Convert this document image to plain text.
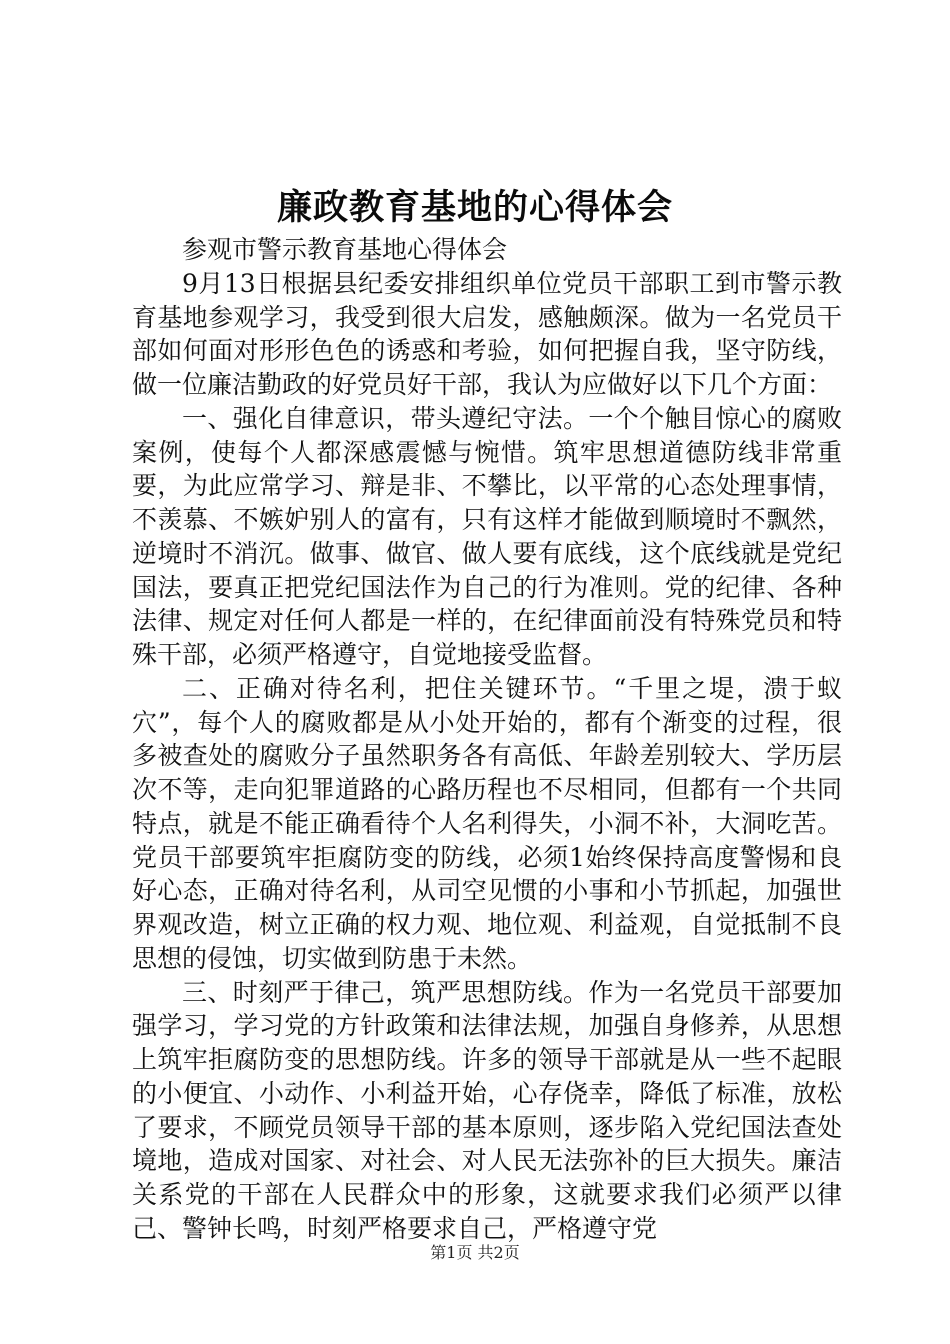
廉政教育基地的心得体会

参观市警示教育基地心得体会

9月13日根据县纪委安排组织单位党员干部职工到市警示教育基地参观学习，我受到很大启发，感触颇深。做为一名党员干部如何面对形形色色的诱惑和考验，如何把握自我，坚守防线，做一位廉洁勤政的好党员好干部，我认为应做好以下几个方面：

一、强化自律意识，带头遵纪守法。一个个触目惊心的腐败案例，使每个人都深感震憾与惋惜。筑牢思想道德防线非常重要，为此应常学习、辩是非、不攀比，以平常的心态处理事情，不羡慕、不嫉妒别人的富有，只有这样才能做到顺境时不飘然，逆境时不消沉。做事、做官、做人要有底线，这个底线就是党纪国法，要真正把党纪国法作为自己的行为准则。党的纪律、各种法律、规定对任何人都是一样的，在纪律面前没有特殊党员和特殊干部，必须严格遵守，自觉地接受监督。

二、正确对待名利，把住关键环节。“千里之堤，溃于蚁穴”，每个人的腐败都是从小处开始的，都有个渐变的过程，很多被查处的腐败分子虽然职务各有高低、年龄差别较大、学历层次不等，走向犯罪道路的心路历程也不尽相同，但都有一个共同特点，就是不能正确看待个人名利得失，小洞不补，大洞吃苦。党员干部要筑牢拒腐防变的防线，必须1始终保持高度警惕和良好心态，正确对待名利，从司空见惯的小事和小节抓起，加强世界观改造，树立正确的权力观、地位观、利益观，自觉抵制不良思想的侵蚀，切实做到防患于未然。

三、时刻严于律己，筑严思想防线。作为一名党员干部要加强学习，学习党的方针政策和法律法规，加强自身修养，从思想上筑牢拒腐防变的思想防线。许多的领导干部就是从一些不起眼的小便宜、小动作、小利益开始，心存侥幸，降低了标准，放松了要求，不顾党员领导干部的基本原则，逐步陷入党纪国法查处境地，造成对国家、对社会、对人民无法弥补的巨大损失。廉洁关系党的干部在人民群众中的形象，这就要求我们必须严以律己、警钟长鸣，时刻严格要求自己，严格遵守党

第1页 共2页
